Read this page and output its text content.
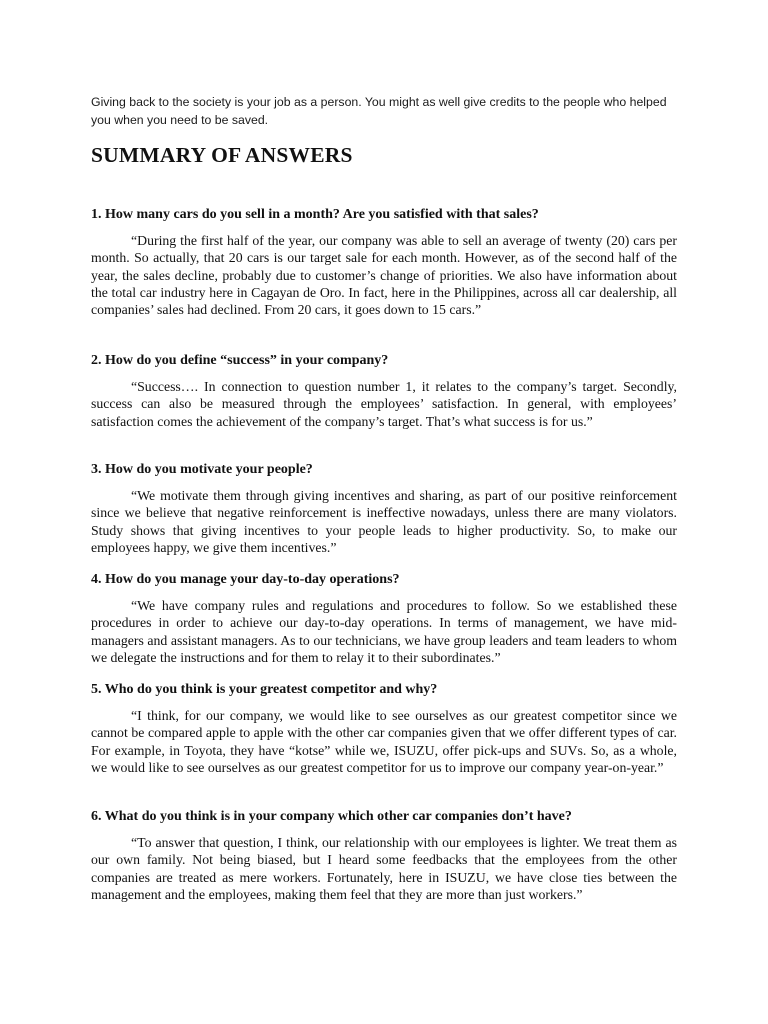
Giving back to the society is your job as a person. You might as well give credits to the people who helped you when you need to be saved.
SUMMARY OF ANSWERS

1. How many cars do you sell in a month? Are you satisfied with that sales?

“During the first half of the year, our company was able to sell an average of twenty (20) cars per month. So actually, that 20 cars is our target sale for each month. However, as of the second half of the year, the sales decline, probably due to customer’s change of priorities. We also have information about the total car industry here in Cagayan de Oro. In fact, here in the Philippines, across all car dealership, all companies’ sales had declined. From 20 cars, it goes down to 15 cars.”

2. How do you define “success” in your company?

“Success…. In connection to question number 1, it relates to the company’s target. Secondly, success can also be measured through the employees’ satisfaction. In general, with employees’ satisfaction comes the achievement of the company’s target. That’s what success is for us.”

3. How do you motivate your people?

“We motivate them through giving incentives and sharing, as part of our positive reinforcement since we believe that negative reinforcement is ineffective nowadays, unless there are many violators. Study shows that giving incentives to your people leads to higher productivity. So, to make our employees happy, we give them incentives.”

4. How do you manage your day-to-day operations?

“We have company rules and regulations and procedures to follow. So we established these procedures in order to achieve our day-to-day operations. In terms of management, we have mid-managers and assistant managers. As to our technicians, we have group leaders and team leaders to whom we delegate the instructions and for them to relay it to their subordinates.”

5. Who do you think is your greatest competitor and why?

“I think, for our company, we would like to see ourselves as our greatest competitor since we cannot be compared apple to apple with the other car companies given that we offer different types of car. For example, in Toyota, they have “kotse” while we, ISUZU, offer pick-ups and SUVs. So, as a whole, we would like to see ourselves as our greatest competitor for us to improve our company year-on-year.”

6. What do you think is in your company which other car companies don’t have?

“To answer that question, I think, our relationship with our employees is lighter. We treat them as our own family. Not being biased, but I heard some feedbacks that the employees from the other companies are treated as mere workers. Fortunately, here in ISUZU, we have close ties between the management and the employees, making them feel that they are more than just workers.”
